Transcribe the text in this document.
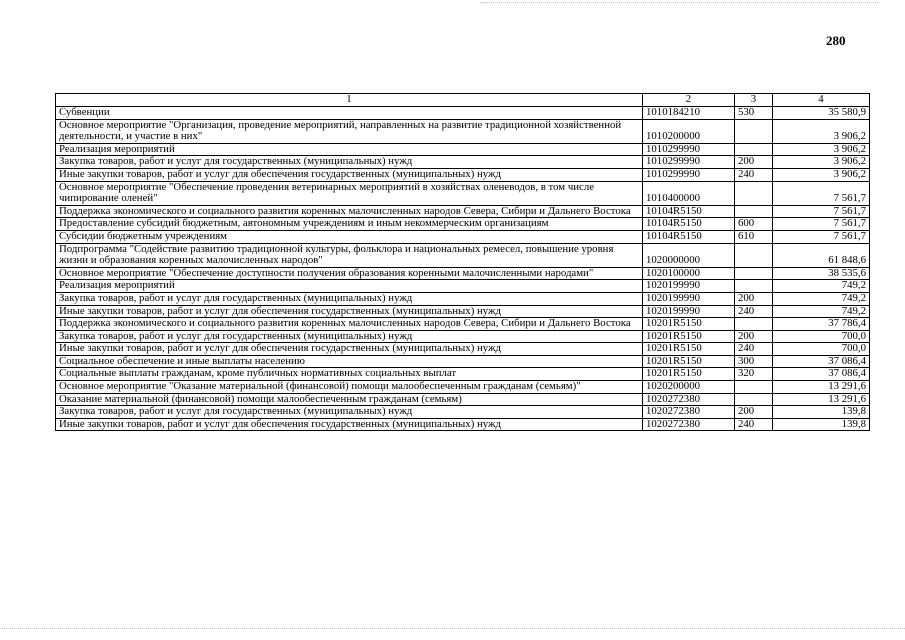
280
1	2	3	4
Субвенции	1010184210	530	35 580,9
Основное мероприятие "Организация, проведение мероприятий, направленных на развитие традиционной хозяйственной деятельности, и участие в них"	1010200000		3 906,2
Реализация мероприятий	1010299990		3 906,2
Закупка товаров, работ и услуг для государственных (муниципальных) нужд	1010299990	200	3 906,2
Иные закупки товаров, работ и услуг для обеспечения государственных (муниципальных) нужд	1010299990	240	3 906,2
Основное мероприятие "Обеспечение проведения ветеринарных мероприятий в хозяйствах оленеводов, в том числе чипирование оленей"	1010400000		7 561,7
Поддержка экономического и социального развития коренных малочисленных народов Севера, Сибири и Дальнего Востока	10104R5150		7 561,7
Предоставление субсидий бюджетным, автономным учреждениям и иным некоммерческим организациям	10104R5150	600	7 561,7
Субсидии бюджетным учреждениям	10104R5150	610	7 561,7
Подпрограмма "Содействие развитию традиционной культуры, фольклора и национальных ремесел, повышение уровня жизни и образования коренных малочисленных народов"	1020000000		61 848,6
Основное мероприятие "Обеспечение доступности получения образования коренными малочисленными народами"	1020100000		38 535,6
Реализация мероприятий	1020199990		749,2
Закупка товаров, работ и услуг для государственных (муниципальных) нужд	1020199990	200	749,2
Иные закупки товаров, работ и услуг для обеспечения государственных (муниципальных) нужд	1020199990	240	749,2
Поддержка экономического и социального развития коренных малочисленных народов Севера, Сибири и Дальнего Востока	10201R5150		37 786,4
Закупка товаров, работ и услуг для государственных (муниципальных) нужд	10201R5150	200	700,0
Иные закупки товаров, работ и услуг для обеспечения государственных (муниципальных) нужд	10201R5150	240	700,0
Социальное обеспечение и иные выплаты населению	10201R5150	300	37 086,4
Социальные выплаты гражданам, кроме публичных нормативных социальных выплат	10201R5150	320	37 086,4
Основное мероприятие "Оказание материальной (финансовой) помощи малообеспеченным гражданам (семьям)"	1020200000		13 291,6
Оказание материальной (финансовой) помощи малообеспеченным гражданам (семьям)	1020272380		13 291,6
Закупка товаров, работ и услуг для государственных (муниципальных) нужд	1020272380	200	139,8
Иные закупки товаров, работ и услуг для обеспечения государственных (муниципальных) нужд	1020272380	240	139,8
